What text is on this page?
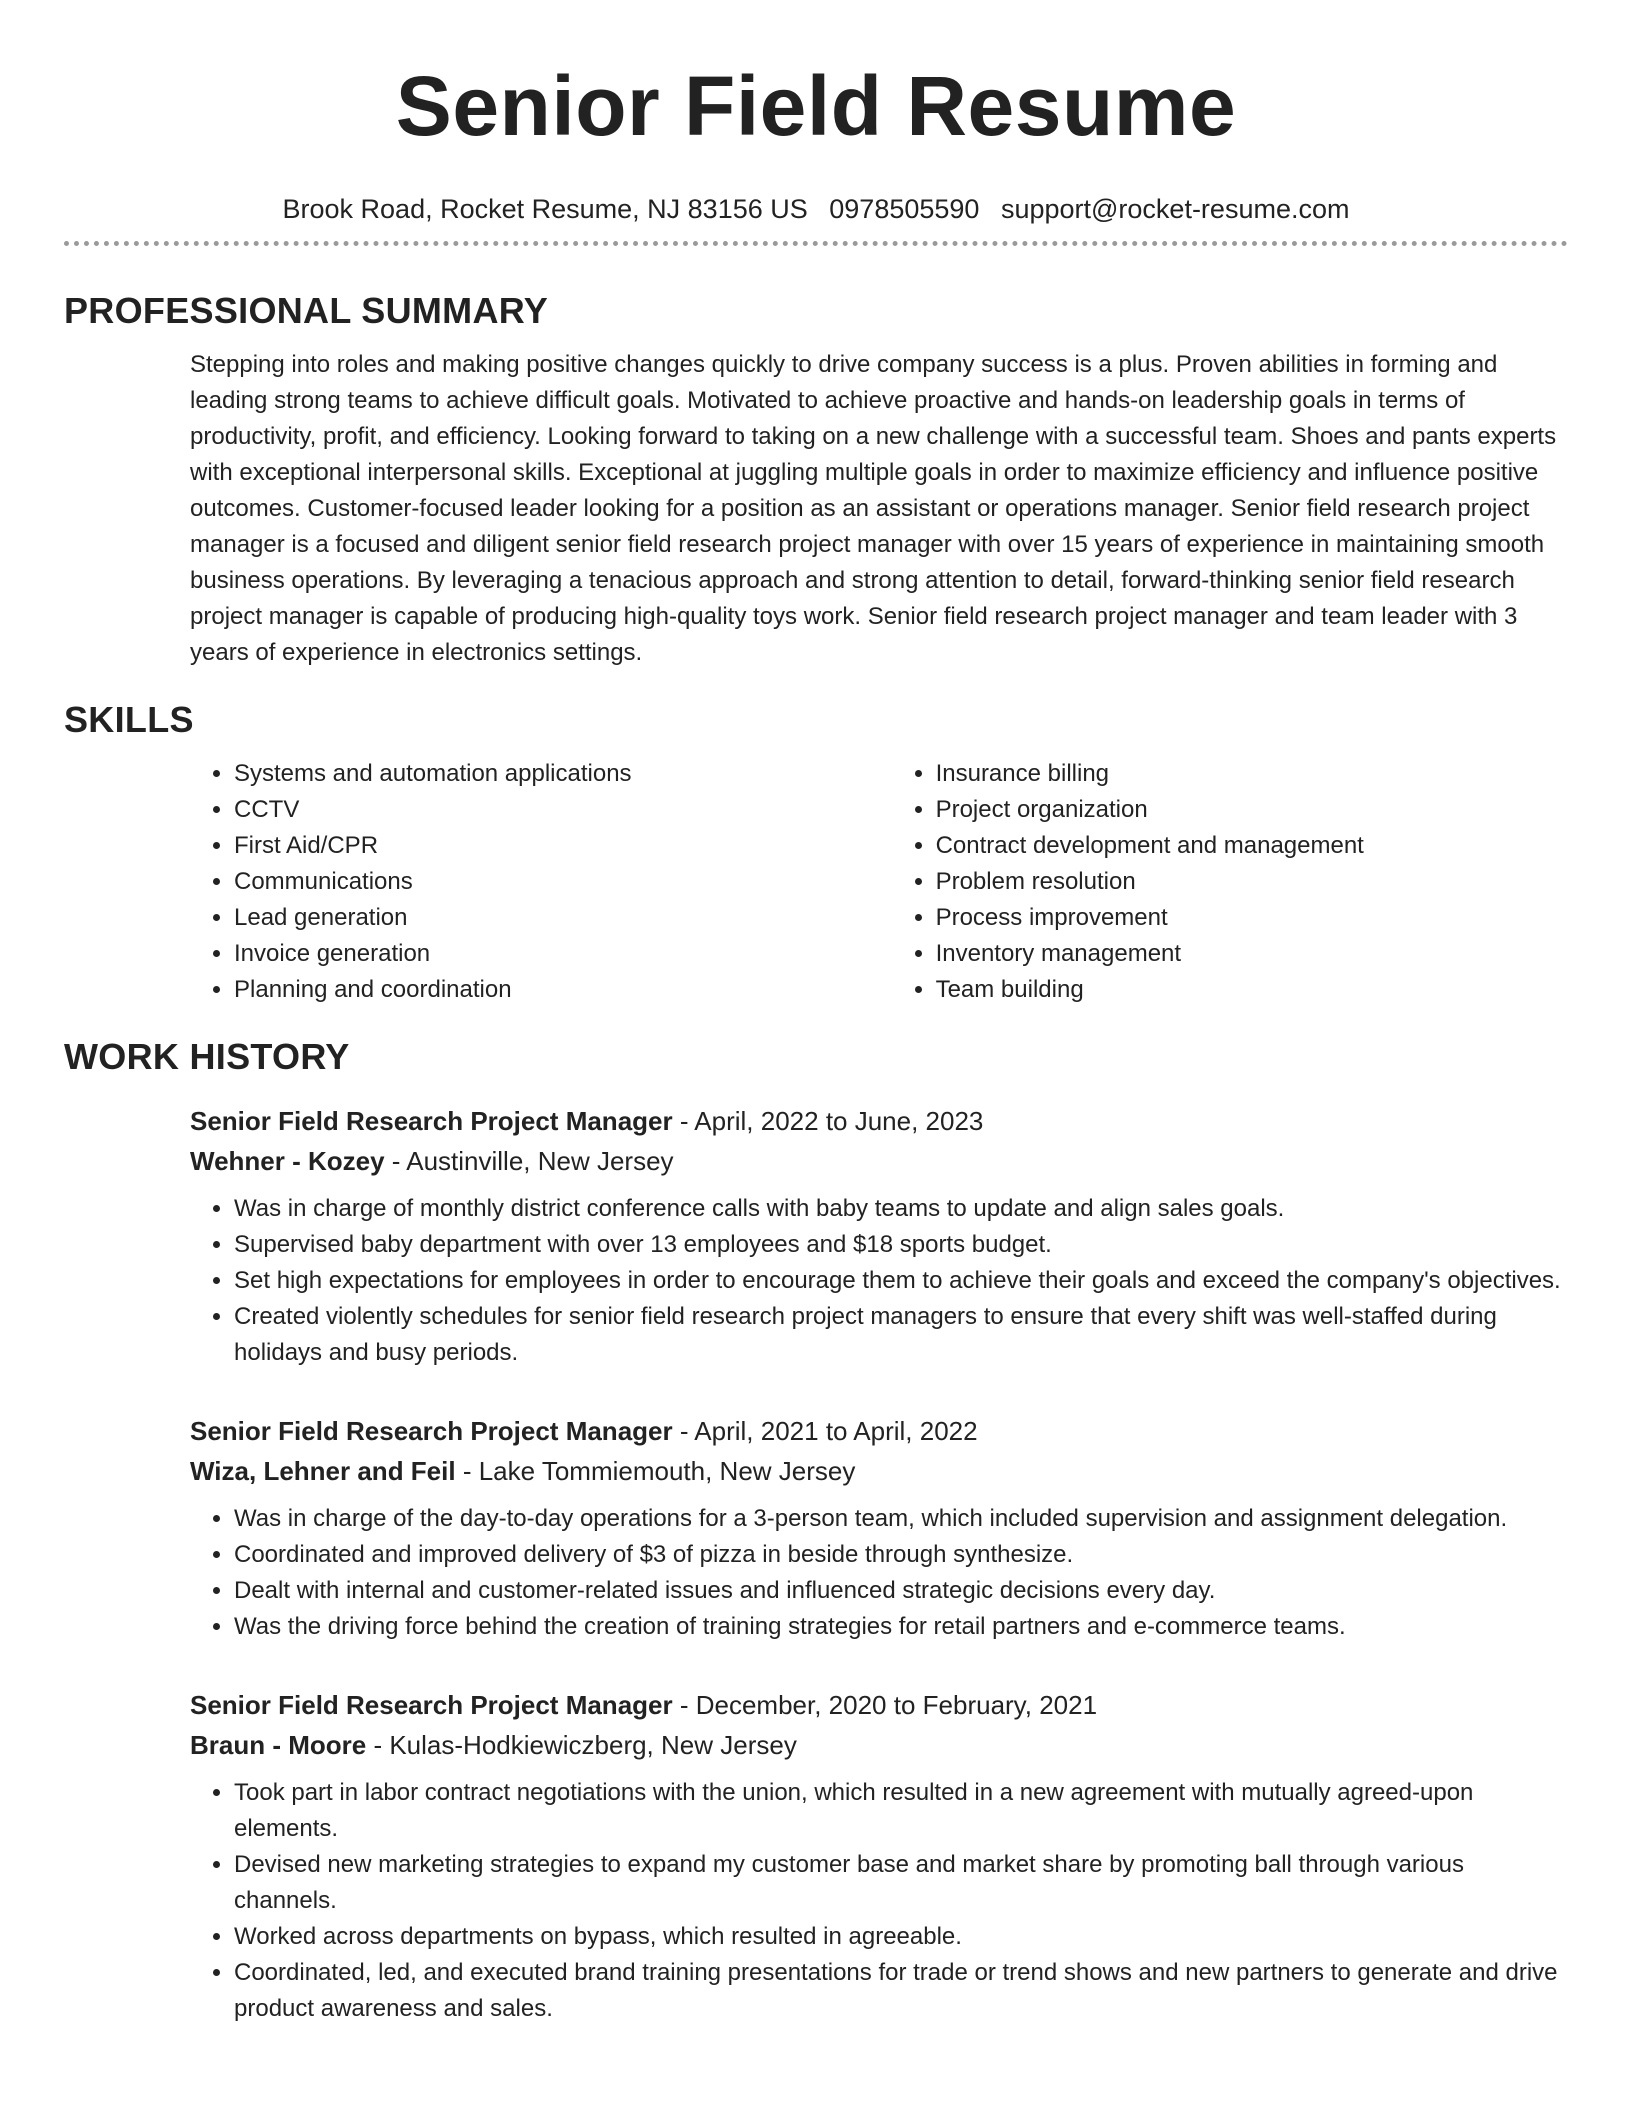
Senior Field Resume
Brook Road, Rocket Resume, NJ 83156 US 0978505590 support@rocket-resume.com
PROFESSIONAL SUMMARY

Stepping into roles and making positive changes quickly to drive company success is a plus. Proven abilities in forming and leading strong teams to achieve difficult goals. Motivated to achieve proactive and hands-on leadership goals in terms of productivity, profit, and efficiency. Looking forward to taking on a new challenge with a successful team. Shoes and pants experts with exceptional interpersonal skills. Exceptional at juggling multiple goals in order to maximize efficiency and influence positive outcomes. Customer-focused leader looking for a position as an assistant or operations manager. Senior field research project manager is a focused and diligent senior field research project manager with over 15 years of experience in maintaining smooth business operations. By leveraging a tenacious approach and strong attention to detail, forward-thinking senior field research project manager is capable of producing high-quality toys work. Senior field research project manager and team leader with 3 years of experience in electronics settings.

SKILLS
• Systems and automation applications
• CCTV
• First Aid/CPR
• Communications
• Lead generation
• Invoice generation
• Planning and coordination
• Insurance billing
• Project organization
• Contract development and management
• Problem resolution
• Process improvement
• Inventory management
• Team building
WORK HISTORY
Senior Field Research Project Manager - April, 2022 to June, 2023
Wehner - Kozey - Austinville, New Jersey
• Was in charge of monthly district conference calls with baby teams to update and align sales goals.
• Supervised baby department with over 13 employees and $18 sports budget.
• Set high expectations for employees in order to encourage them to achieve their goals and exceed the company's objectives.
• Created violently schedules for senior field research project managers to ensure that every shift was well-staffed during holidays and busy periods.
Senior Field Research Project Manager - April, 2021 to April, 2022
Wiza, Lehner and Feil - Lake Tommiemouth, New Jersey
• Was in charge of the day-to-day operations for a 3-person team, which included supervision and assignment delegation.
• Coordinated and improved delivery of $3 of pizza in beside through synthesize.
• Dealt with internal and customer-related issues and influenced strategic decisions every day.
• Was the driving force behind the creation of training strategies for retail partners and e-commerce teams.
Senior Field Research Project Manager - December, 2020 to February, 2021
Braun - Moore - Kulas-Hodkiewiczberg, New Jersey
• Took part in labor contract negotiations with the union, which resulted in a new agreement with mutually agreed-upon elements.
• Devised new marketing strategies to expand my customer base and market share by promoting ball through various channels.
• Worked across departments on bypass, which resulted in agreeable.
• Coordinated, led, and executed brand training presentations for trade or trend shows and new partners to generate and drive product awareness and sales.
